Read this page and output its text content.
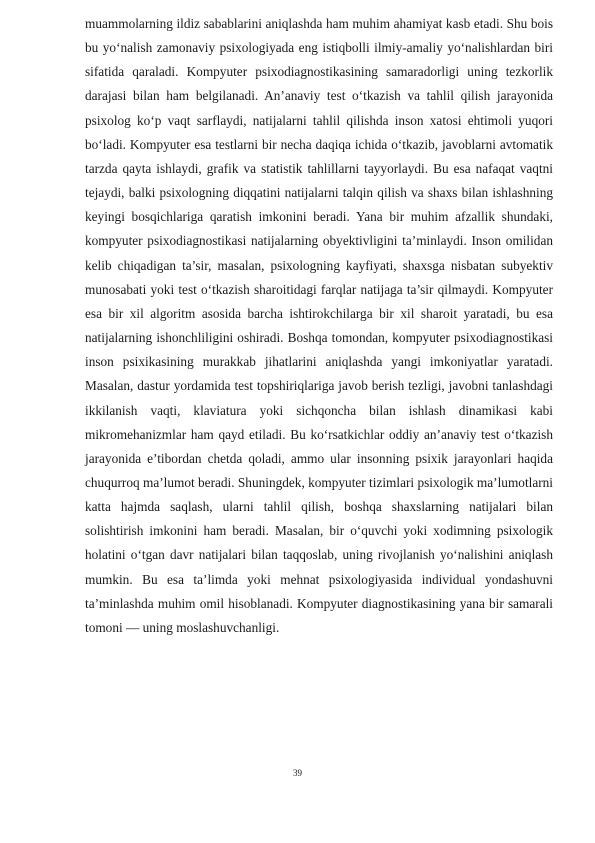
muammolarning ildiz sabablarini aniqlashda ham muhim ahamiyat kasb etadi. Shu bois bu yo‘nalish zamonaviy psixologiyada eng istiqbolli ilmiy-amaliy yo‘nalishlardan biri sifatida qaraladi. Kompyuter psixodiagnostikasining samaradorligi uning tezkorlik darajasi bilan ham belgilanadi. An’anaviy test o‘tkazish va tahlil qilish jarayonida psixolog ko‘p vaqt sarflaydi, natijalarni tahlil qilishda inson xatosi ehtimoli yuqori bo‘ladi. Kompyuter esa testlarni bir necha daqiqa ichida o‘tkazib, javoblarni avtomatik tarzda qayta ishlaydi, grafik va statistik tahlillarni tayyorlaydi. Bu esa nafaqat vaqtni tejaydi, balki psixologning diqqatini natijalarni talqin qilish va shaxs bilan ishlashning keyingi bosqichlariga qaratish imkonini beradi. Yana bir muhim afzallik shundaki, kompyuter psixodiagnostikasi natijalarning obyektivligini ta’minlaydi. Inson omilidan kelib chiqadigan ta’sir, masalan, psixologning kayfiyati, shaxsga nisbatan subyektiv munosabati yoki test o‘tkazish sharoitidagi farqlar natijaga ta’sir qilmaydi. Kompyuter esa bir xil algoritm asosida barcha ishtirokchilarga bir xil sharoit yaratadi, bu esa natijalarning ishonchliligini oshiradi. Boshqa tomondan, kompyuter psixodiagnostikasi inson psixikasining murakkab jihatlarini aniqlashda yangi imkoniyatlar yaratadi. Masalan, dastur yordamida test topshiriqlariga javob berish tezligi, javobni tanlashdagi ikkilanish vaqti, klaviatura yoki sichqoncha bilan ishlash dinamikasi kabi mikromehanizmlar ham qayd etiladi. Bu ko‘rsatkichlar oddiy an’anaviy test o‘tkazish jarayonida e’tibordan chetda qoladi, ammo ular insonning psixik jarayonlari haqida chuqurroq ma’lumot beradi. Shuningdek, kompyuter tizimlari psixologik ma’lumotlarni katta hajmda saqlash, ularni tahlil qilish, boshqa shaxslarning natijalari bilan solishtirish imkonini ham beradi. Masalan, bir o‘quvchi yoki xodimning psixologik holatini o‘tgan davr natijalari bilan taqqoslab, uning rivojlanish yo‘nalishini aniqlash mumkin. Bu esa ta’limda yoki mehnat psixologiyasida individual yondashuvni ta’minlashda muhim omil hisoblanadi. Kompyuter diagnostikasining yana bir samarali tomoni — uning moslashuvchanligi.

39
